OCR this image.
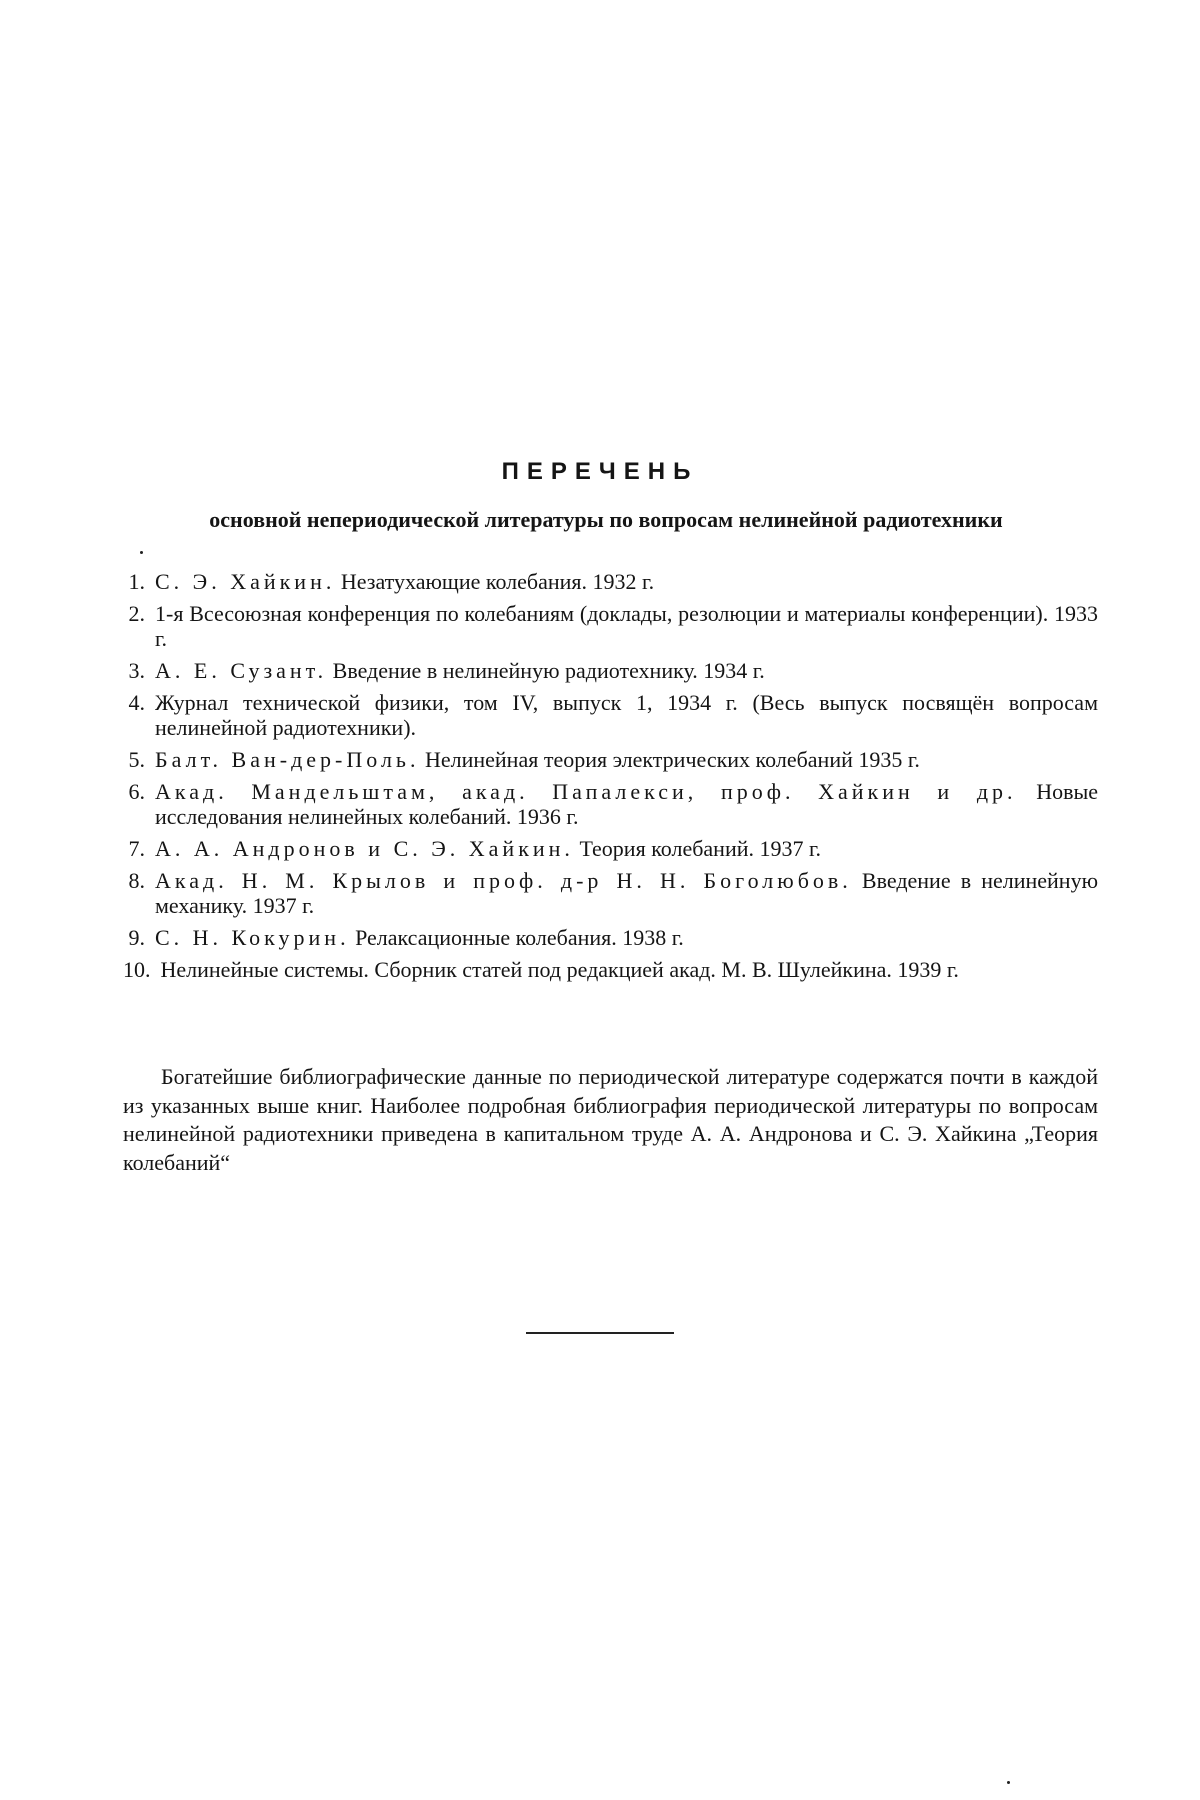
ПЕРЕЧЕНЬ

основной непериодической литературы по вопросам нелинейной радиотехники

1. С. Э. Хайкин. Незатухающие колебания. 1932 г.
2. 1-я Всесоюзная конференция по колебаниям (доклады, резолюции и материалы конференции). 1933 г.
3. А. Е. Сузант. Введение в нелинейную радиотехнику. 1934 г.
4. Журнал технической физики, том IV, выпуск 1, 1934 г. (Весь выпуск посвящён вопросам нелинейной радиотехники).
5. Балт. Ван-дер-Поль. Нелинейная теория электрических колебаний 1935 г.
6. Акад. Мандельштам, акад. Папалекси, проф. Хайкин и др. Новые исследования нелинейных колебаний. 1936 г.
7. А. А. Андронов и С. Э. Хайкин. Теория колебаний. 1937 г.
8. Акад. Н. М. Крылов и проф. д-р Н. Н. Боголюбов. Введение в нелинейную механику. 1937 г.
9. С. Н. Кокурин. Релаксационные колебания. 1938 г.
10. Нелинейные системы. Сборник статей под редакцией акад. М. В. Шулейкина. 1939 г.

Богатейшие библиографические данные по периодической литературе содержатся почти в каждой из указанных выше книг. Наиболее подробная библиография периодической литературы по вопросам нелинейной радиотехники приведена в капитальном труде А. А. Андронова и С. Э. Хайкина „Теория колебаний“
